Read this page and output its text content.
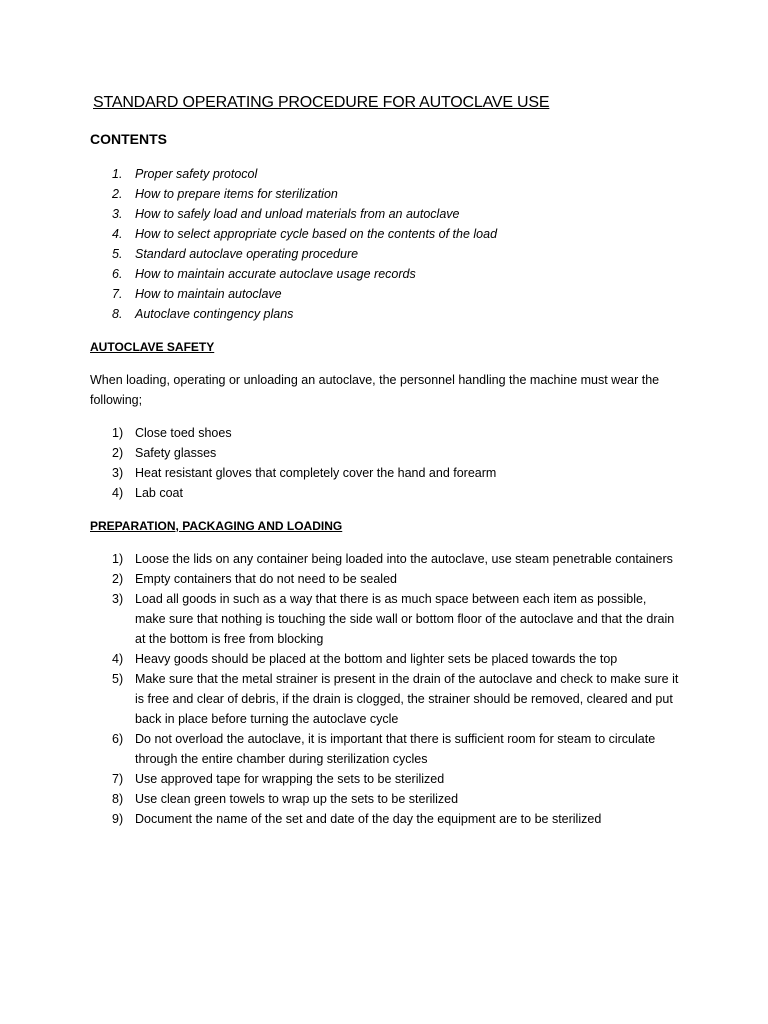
STANDARD OPERATING PROCEDURE FOR AUTOCLAVE USE
CONTENTS
1.	Proper safety protocol
2.	How to prepare items for sterilization
3.	How to safely load and unload materials from an autoclave
4.	How to select appropriate cycle based on the contents of the load
5.	Standard autoclave operating procedure
6.	How to maintain accurate autoclave usage records
7.	How to maintain autoclave
8.	Autoclave contingency plans
AUTOCLAVE SAFETY

When loading, operating or unloading an autoclave, the personnel handling the machine must wear the following;

1) Close toed shoes
2) Safety glasses
3) Heat resistant gloves that completely cover the hand and forearm
4) Lab coat
PREPARATION, PACKAGING AND LOADING
1) Loose the lids on any container being loaded into the autoclave, use steam penetrable containers
2) Empty containers that do not need to be sealed
3) Load all goods in such as a way that there is as much space between each item as possible, make sure that nothing is touching the side wall or bottom floor of the autoclave and that the drain at the bottom is free from blocking
4) Heavy goods should be placed at the bottom and lighter sets be placed towards the top
5) Make sure that the metal strainer is present in the drain of the autoclave and check to make sure it is free and clear of debris, if the drain is clogged, the strainer should be removed, cleared and put back in place before turning the autoclave cycle
6) Do not overload the autoclave, it is important that there is sufficient room for steam to circulate through the entire chamber during sterilization cycles
7) Use approved tape for wrapping the sets to be sterilized
8) Use clean green towels to wrap up the sets to be sterilized
9) Document the name of the set and date of the day the equipment are to be sterilized
